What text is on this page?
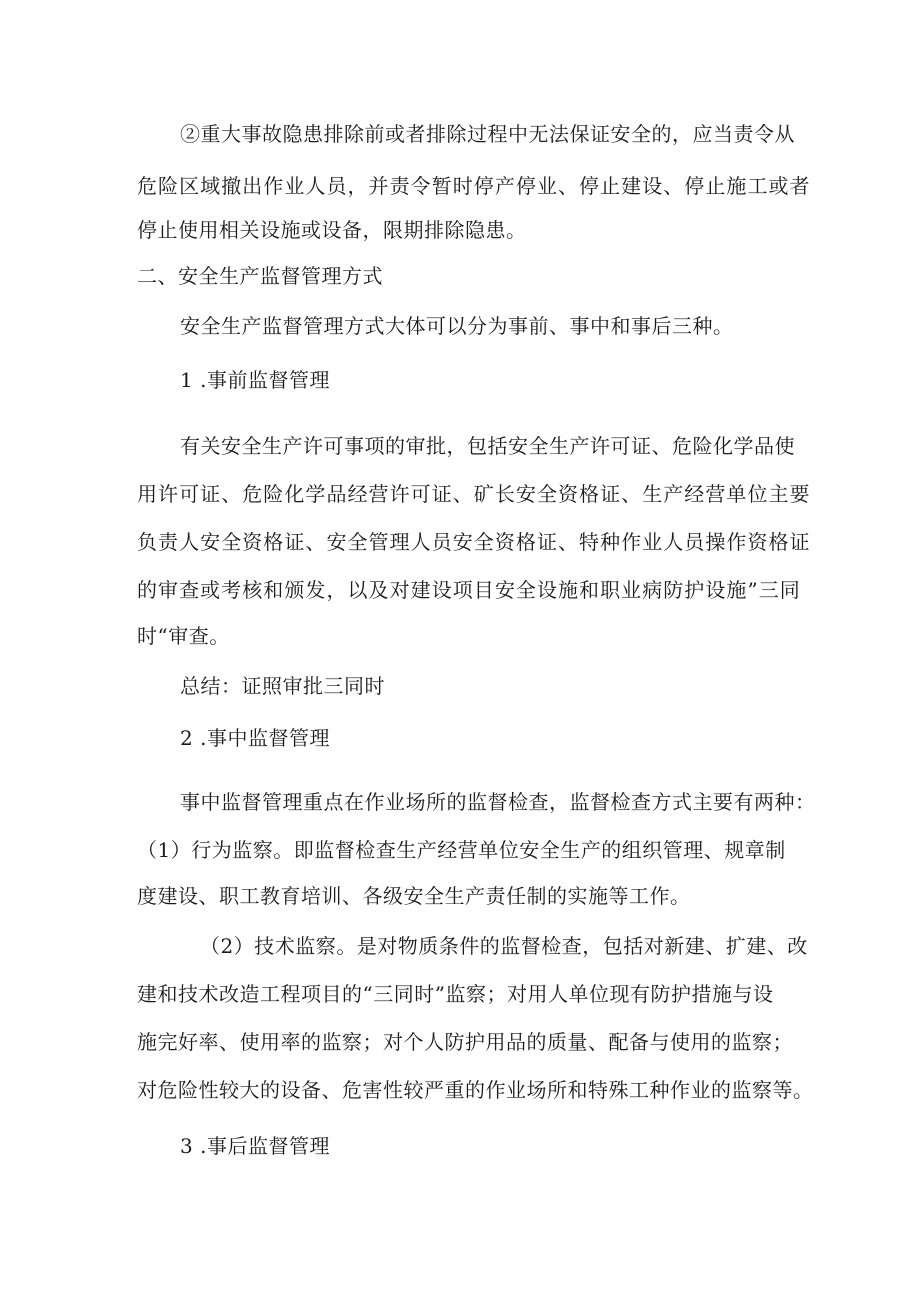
②重大事故隐患排除前或者排除过程中无法保证安全的，应当责令从
危险区域撤出作业人员，并责令暂时停产停业、停止建设、停止施工或者
停止使用相关设施或设备，限期排除隐患。
二、安全生产监督管理方式
安全生产监督管理方式大体可以分为事前、事中和事后三种。
1 .事前监督管理
有关安全生产许可事项的审批，包括安全生产许可证、危险化学品使
用许可证、危险化学品经营许可证、矿长安全资格证、生产经营单位主要
负责人安全资格证、安全管理人员安全资格证、特种作业人员操作资格证
的审查或考核和颁发，以及对建设项目安全设施和职业病防护设施”三同
时“审查。
总结：证照审批三同时
2 .事中监督管理
事中监督管理重点在作业场所的监督检查，监督检查方式主要有两种：
（1）行为监察。即监督检查生产经营单位安全生产的组织管理、规章制
度建设、职工教育培训、各级安全生产责任制的实施等工作。
（2）技术监察。是对物质条件的监督检查，包括对新建、扩建、改
建和技术改造工程项目的“三同时”监察；对用人单位现有防护措施与设
施完好率、使用率的监察；对个人防护用品的质量、配备与使用的监察；
对危险性较大的设备、危害性较严重的作业场所和特殊工种作业的监察等。
3 .事后监督管理
